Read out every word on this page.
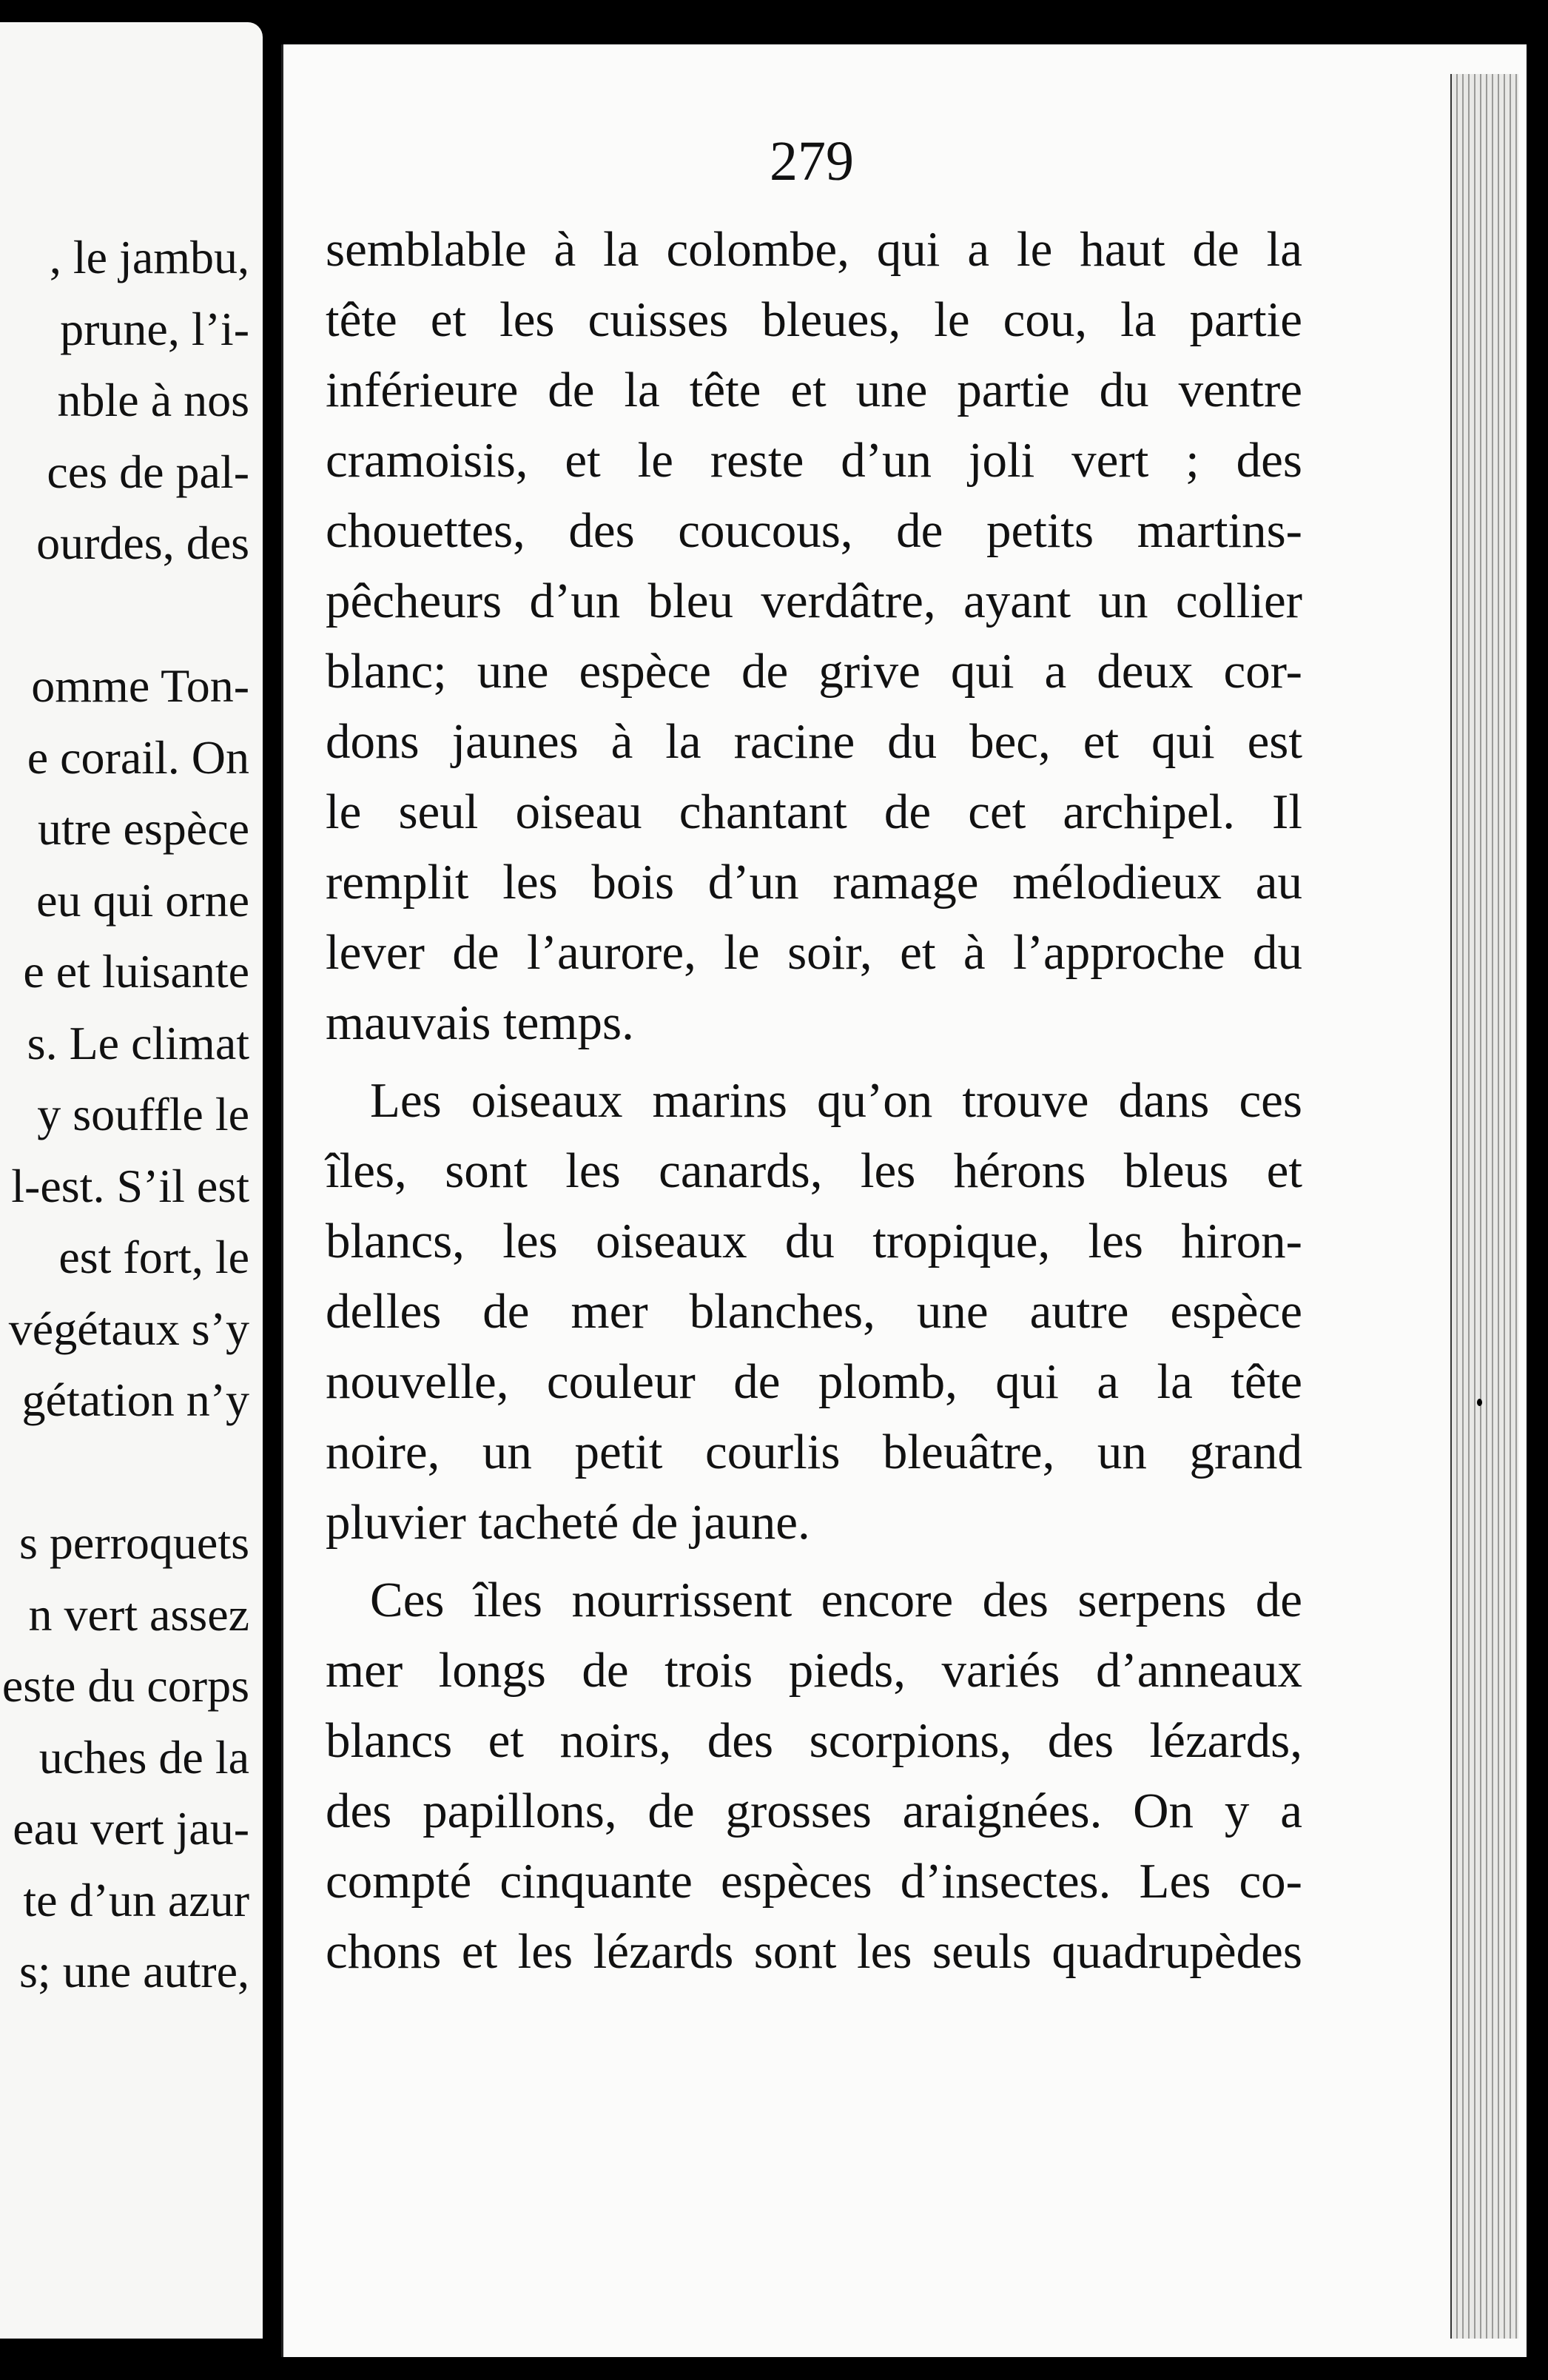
, le jambu,
prune, l’i-
nble à nos
ces de pal-
ourdes, des
omme Ton-
e corail. On
utre espèce
eu qui orne
e et luisante
s. Le climat
y souffle le
l-est. S’il est
est fort, le
végétaux s’y
gétation n’y
s perroquets
n vert assez
este du corps
uches de la
eau vert jau-
te d’un azur
s; une autre,
279
semblable à la colombe, qui a le haut de la
tête et les cuisses bleues, le cou, la partie
inférieure de la tête et une partie du ventre
cramoisis, et le reste d’un joli vert ; des
chouettes, des coucous, de petits martins-
pêcheurs d’un bleu verdâtre, ayant un collier
blanc; une espèce de grive qui a deux cor-
dons jaunes à la racine du bec, et qui est
le seul oiseau chantant de cet archipel. Il
remplit les bois d’un ramage mélodieux au
lever de l’aurore, le soir, et à l’approche du
mauvais temps.
Les oiseaux marins qu’on trouve dans ces
îles, sont les canards, les hérons bleus et
blancs, les oiseaux du tropique, les hiron-
delles de mer blanches, une autre espèce
nouvelle, couleur de plomb, qui a la tête
noire, un petit courlis bleuâtre, un grand
pluvier tacheté de jaune.
Ces îles nourrissent encore des serpens de
mer longs de trois pieds, variés d’anneaux
blancs et noirs, des scorpions, des lézards,
des papillons, de grosses araignées. On y a
compté cinquante espèces d’insectes. Les co-
chons et les lézards sont les seuls quadrupèdes
